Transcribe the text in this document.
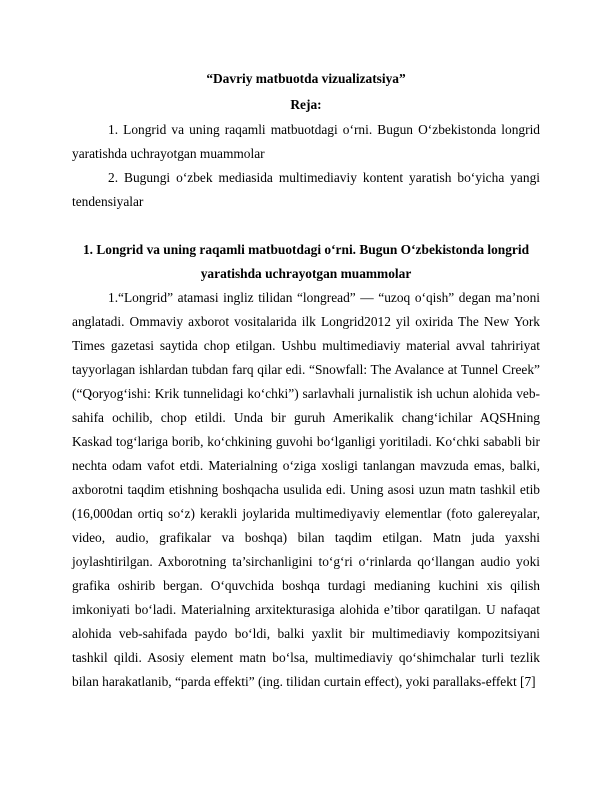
“Davriy matbuotda vizualizatsiya”
Reja:
1. Longrid va uning raqamli matbuotdagi o‘rni. Bugun O‘zbekistonda longrid yaratishda uchrayotgan muammolar
2. Bugungi o‘zbek mediasida multimediaviy kontent yaratish bo‘yicha yangi tendensiyalar
1. Longrid va uning raqamli matbuotdagi o‘rni. Bugun O‘zbekistonda longrid yaratishda uchrayotgan muammolar

1.“Longrid” atamasi ingliz tilidan “longread” — “uzoq o‘qish” degan ma’noni anglatadi. Ommaviy axborot vositalarida ilk Longrid2012 yil oxirida The New York Times gazetasi saytida chop etilgan. Ushbu multimediaviy material avval tahririyat tayyorlagan ishlardan tubdan farq qilar edi. “Snowfall: The Avalance at Tunnel Creek” (“Qoryog‘ishi: Krik tunnelidagi ko‘chki”) sarlavhali jurnalistik ish uchun alohida veb-sahifa ochilib, chop etildi. Unda bir guruh Amerikalik chang‘ichilar AQSHning Kaskad tog‘lariga borib, ko‘chkining guvohi bo‘lganligi yoritiladi. Ko‘chki sababli bir nechta odam vafot etdi. Materialning o‘ziga xosligi tanlangan mavzuda emas, balki, axborotni taqdim etishning boshqacha usulida edi. Uning asosi uzun matn tashkil etib (16,000dan ortiq so‘z) kerakli joylarida multimediyaviy elementlar (foto galereyalar, video, audio, grafikalar va boshqa) bilan taqdim etilgan. Matn juda yaxshi joylashtirilgan. Axborotning ta’sirchanligini to‘g‘ri o‘rinlarda qo‘llangan audio yoki grafika oshirib bergan. O‘quvchida boshqa turdagi medianing kuchini xis qilish imkoniyati bo‘ladi. Materialning arxitekturasiga alohida e’tibor qaratilgan. U nafaqat alohida veb-sahifada paydo bo‘ldi, balki yaxlit bir multimediaviy kompozitsiyani tashkil qildi. Asosiy element matn bo‘lsa, multimediaviy qo‘shimchalar turli tezlik bilan harakatlanib, “parda effekti” (ing. tilidan curtain effect), yoki parallaks-effekt [7]
